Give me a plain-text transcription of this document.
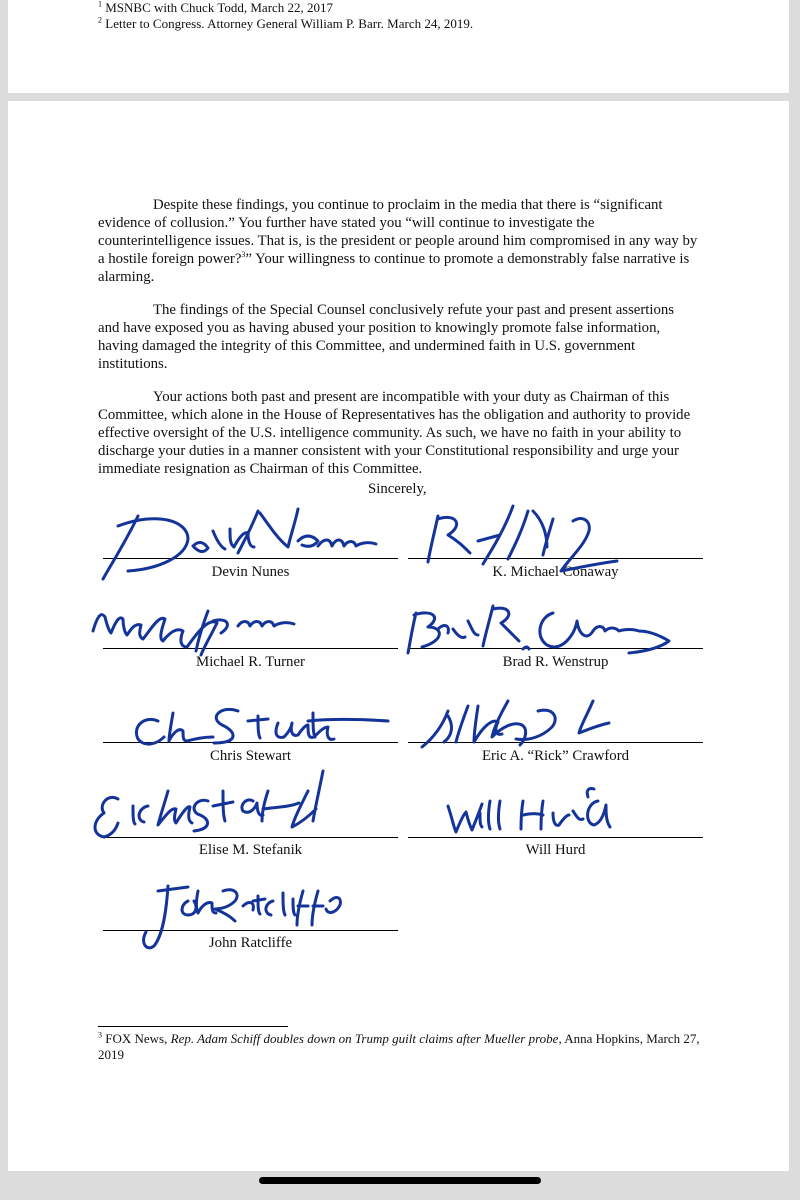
$^1$ MSNBC with Chuck Todd, March 22, 2017
$^2$ Letter to Congress. Attorney General William P. Barr. March 24, 2019.

Despite these findings, you continue to proclaim in the media that there is “significant evidence of collusion.” You further have stated you “will continue to investigate the counterintelligence issues. That is, is the president or people around him compromised in any way by a hostile foreign power?$^3$” Your willingness to continue to promote a demonstrably false narrative is alarming.

The findings of the Special Counsel conclusively refute your past and present assertions and have exposed you as having abused your position to knowingly promote false information, having damaged the integrity of this Committee, and undermined faith in U.S. government institutions.

Your actions both past and present are incompatible with your duty as Chairman of this Committee, which alone in the House of Representatives has the obligation and authority to provide effective oversight of the U.S. intelligence community. As such, we have no faith in your ability to discharge your duties in a manner consistent with your Constitutional responsibility and urge your immediate resignation as Chairman of this Committee.

Sincerely,
Devin Nunes	K. Michael Conaway
Michael R. Turner	Brad R. Wenstrup
Chris Stewart	Eric A. “Rick” Crawford
Elise M. Stefanik	Will Hurd
John Ratcliffe
$^3$ FOX News, Rep. Adam Schiff doubles down on Trump guilt claims after Mueller probe, Anna Hopkins, March 27, 2019
